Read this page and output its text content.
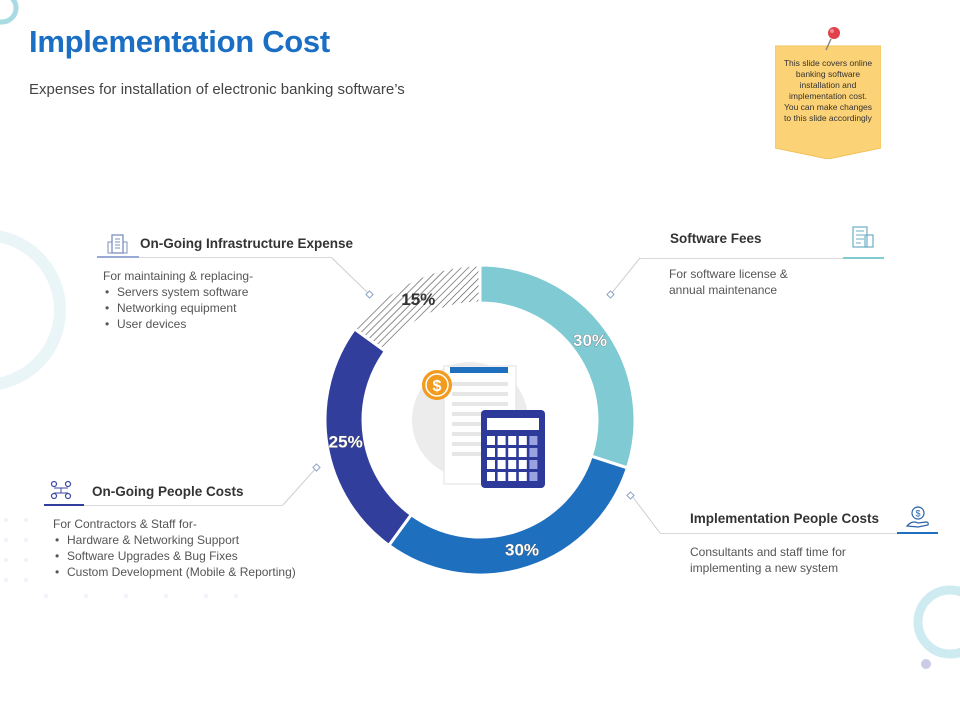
Implementation Cost
Expenses for installation of electronic banking software’s
This slide covers online banking software installation and implementation cost. You can make changes to this slide accordingly
On-Going Infrastructure Expense
For maintaining & replacing-
• Servers system software
• Networking equipment
• User devices
Software Fees
For software license &
annual maintenance
On-Going People Costs
For Contractors & Staff for-
• Hardware & Networking Support
• Software Upgrades & Bug Fixes
• Custom Development (Mobile & Reporting)
Implementation People Costs	$
Consultants and staff time for
implementing a new system
30%
30%
25%
15%
$
